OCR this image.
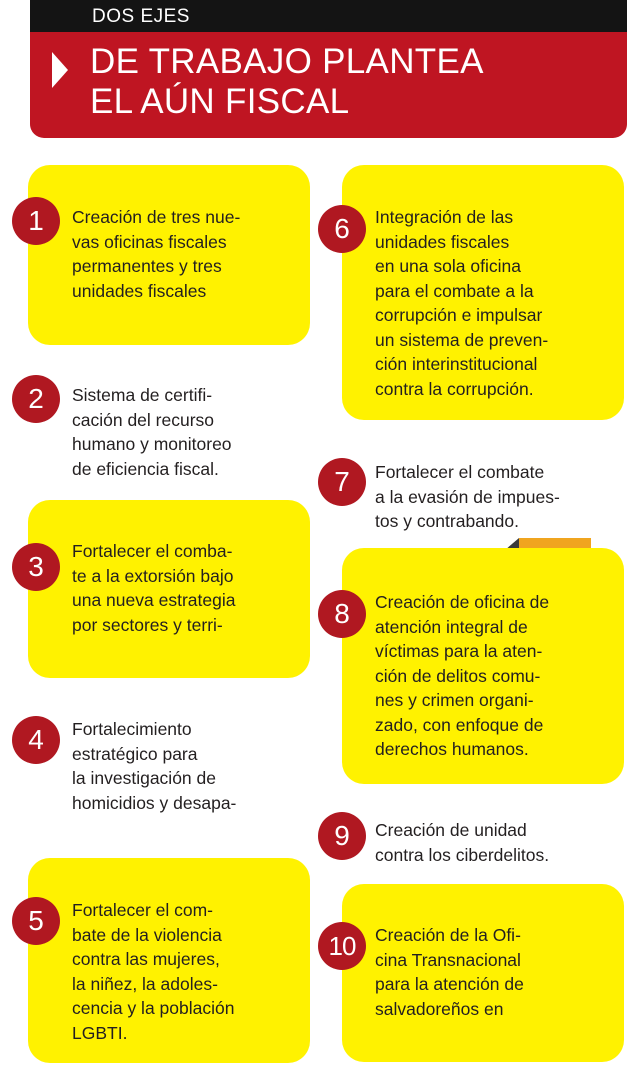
DOS EJES
DE TRABAJO PLANTEA
EL AÚN FISCAL
1	Creación de tres nue-
vas oficinas fiscales
permanentes y tres
unidades fiscales
2	Sistema de certifi-
cación del recurso
humano y monitoreo
de eficiencia fiscal.
3	Fortalecer el comba-
te a la extorsión bajo
una nueva estrategia
por sectores y terri-
4	Fortalecimiento
estratégico para
la investigación de
homicidios y desapa-
5	Fortalecer el com-
bate de la violencia
contra las mujeres,
la niñez, la adoles-
cencia y la población
LGBTI.
6	Integración de las
unidades fiscales
en una sola oficina
para el combate a la
corrupción e impulsar
un sistema de preven-
ción interinstitucional
contra la corrupción.
7	Fortalecer el combate
a la evasión de impues-
tos y contrabando.
8	Creación de oficina de
atención integral de
víctimas para la aten-
ción de delitos comu-
nes y crimen organi-
zado, con enfoque de
derechos humanos.
9	Creación de unidad
contra los ciberdelitos.
10	Creación de la Ofi-
cina Transnacional
para la atención de
salvadoreños en
